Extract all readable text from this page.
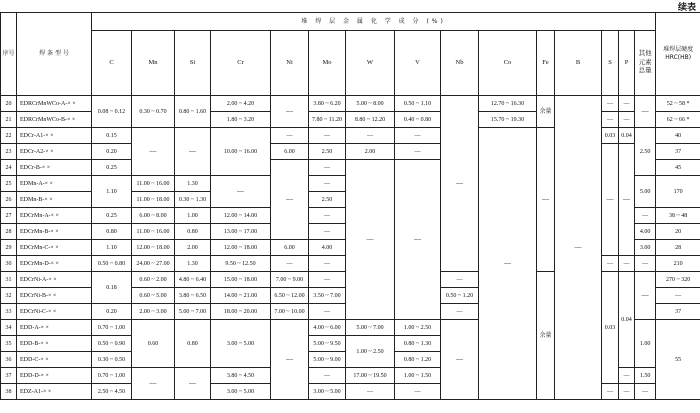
续表
序号	焊 条 型 号	堆 焊 层 金 属 化 学 成 分 (%)															堆焊层硬度HRC(HB)	
		C	Mn	Si	Cr	Ni	Mo	W	V	Nb	Co	Fe	B	S	P	其他元素总量		
20	EDRCrMnWCo-A-× ×	0.08 ~ 0.12	0.30 ~ 0.70	0.80 ~ 1.60	2.00 ~ 4.20	—	3.80 ~ 6.20	5.00 ~ 8.00	0.50 ~ 1.10	—	12.70 ~ 16.30	余量	—	—	—	—	52 ~ 58 *	
21	EDRCrMnWCo-B-× ×				1.80 ~ 3.20		7.80 ~ 11.20	8.80 ~ 12.20	0.40 ~ 0.80		15.70 ~ 19.30			—	—		62 ~ 66 *	
22	EDCr-A1-× ×	0.15	—	—	10.00 ~ 16.00	—	—	—	—		—	—		0.03	0.04	2.50	40	
23	EDCr-A2-× ×	0.20				6.00	2.50	2.00	—					—	—		37	
24	EDCr-B-× ×	0.25				—	—	—	—								45	
25	EDMn-A-× ×	1.10	11.00 ~ 16.00	1.30	—		—									5.00	170	
26	EDMn-B-× ×		11.00 ~ 18.00	0.30 ~ 1.30			2.50											
27	EDCrMn-A-× ×	0.25	6.00 ~ 8.00	1.00	12.00 ~ 14.00		—									—	38 ~ 48	
28	EDCrMn-B-× ×	0.80	11.00 ~ 16.00	0.80	13.00 ~ 17.00		—									4.00	20	
29	EDCrMn-C-× ×	1.10	12.00 ~ 18.00	2.00	12.00 ~ 18.00	6.00	4.00									3.00	28	
30	EDCrMn-D-× ×	0.50 ~ 0.80	24.00 ~ 27.00	1.30	9.50 ~ 12.50	—	—							—	—	—	210	
31	EDCrNi-A-× ×	0.18	0.60 ~ 2.00	4.80 ~ 6.40	15.00 ~ 18.00	7.00 ~ 9.00	—			—		余量		0.03	0.04	—	270 ~ 320	
32	EDCrNi-B-× ×		0.60 ~ 5.00	3.80 ~ 6.50	14.00 ~ 21.00	6.50 ~ 12.00	3.50 ~ 7.00			0.50 ~ 1.20							—	
33	EDCrNi-C-× ×	0.20	2.00 ~ 3.00	5.00 ~ 7.00	18.00 ~ 20.00	7.00 ~ 10.00	—			—							37	
34	EDD-A-× ×	0.70 ~ 1.00	0.60	0.80	3.00 ~ 5.00	—	4.00 ~ 6.00	5.00 ~ 7.00	1.00 ~ 2.50	—						1.00	55	
35	EDD-B-× ×	0.50 ~ 0.90					5.00 ~ 9.50	1.00 ~ 2.50	0.80 ~ 1.30									
36	EDD-C-× ×	0.30 ~ 0.50					5.00 ~ 9.00		0.80 ~ 1.20									
37	EDD-D-× ×	0.70 ~ 1.00	—	—	3.80 ~ 4.50		—	17.00 ~ 19.50	1.00 ~ 1.50						—	1.50		
38	EDZ-A1-× ×	2.50 ~ 4.50			3.00 ~ 5.00		3.00 ~ 5.00	—	—					—	—	—	
